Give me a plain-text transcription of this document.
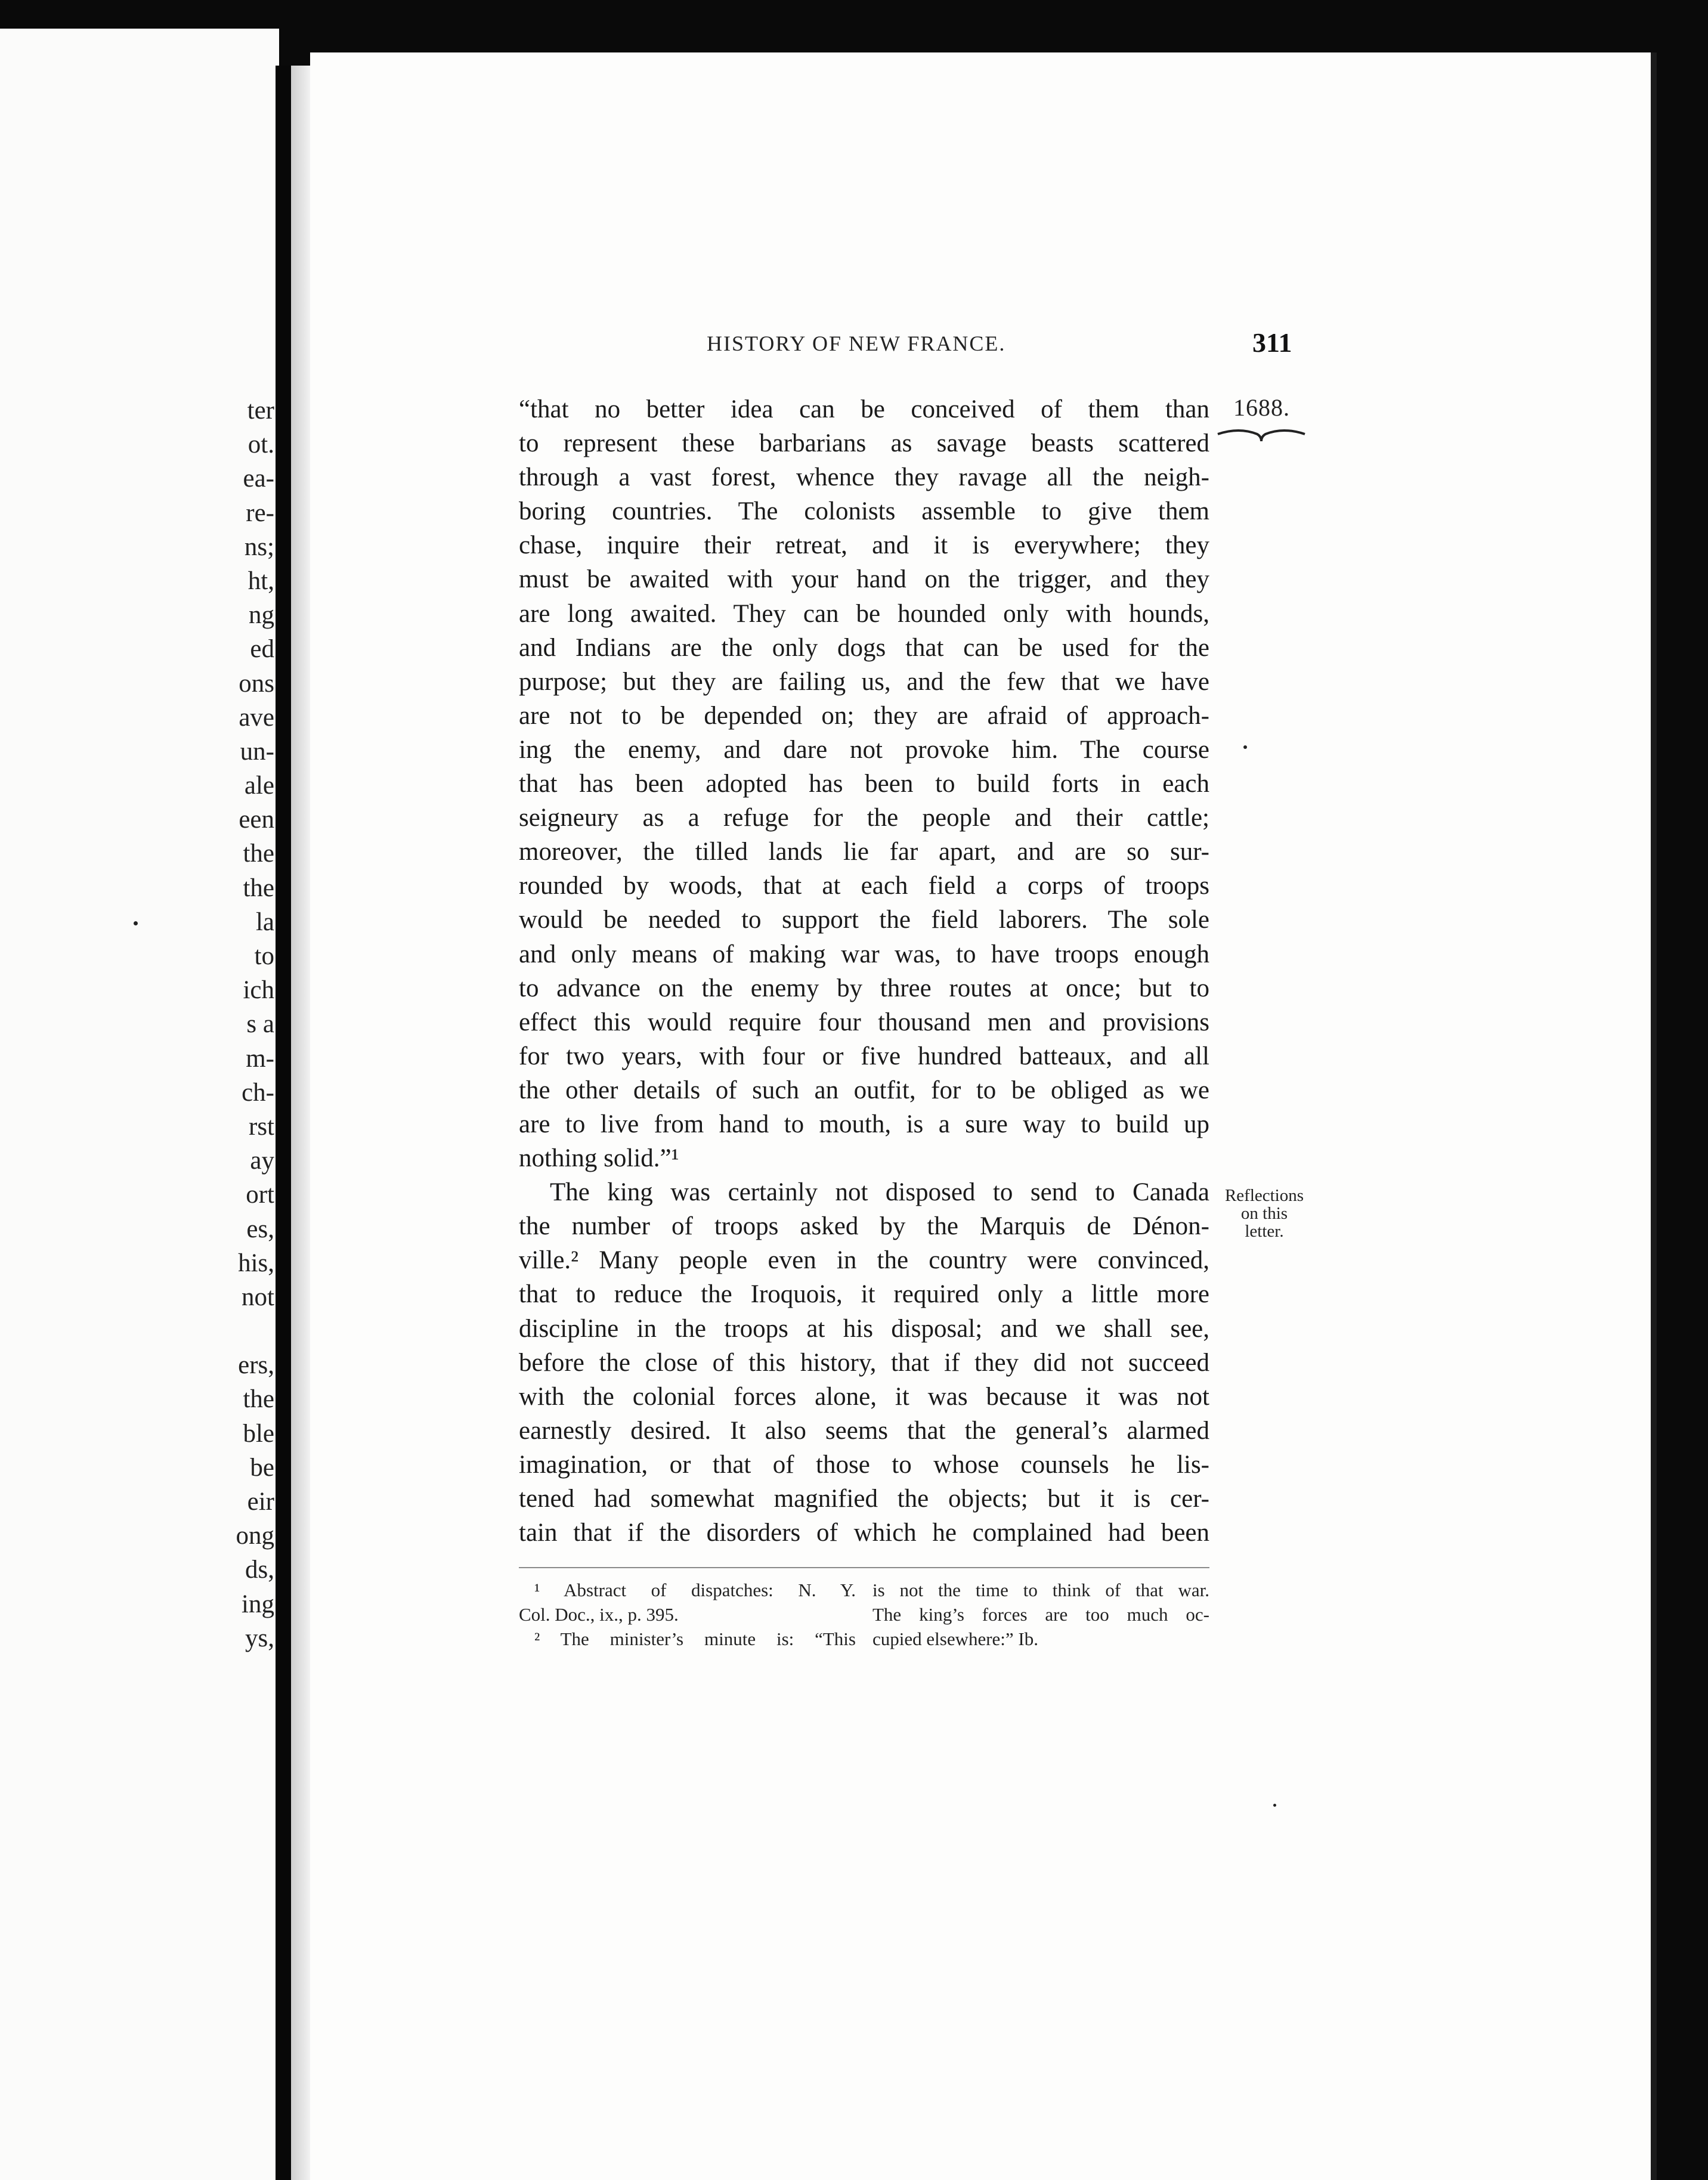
ter
ot.
ea-
re-
ns;
ht,
ng
ed
ons
ave
un-
ale
een
the
the
la
to
ich
s a
m-
ch-
rst
ay
ort
es,
his,
not
ers,
the
ble
be
eir
ong
ds,
ing
ys,
HISTORY OF NEW FRANCE.	311
1688.
“that no better idea can be conceived of them than
to represent these barbarians as savage beasts scattered
through a vast forest, whence they ravage all the neigh-
boring countries. The colonists assemble to give them
chase, inquire their retreat, and it is everywhere; they
must be awaited with your hand on the trigger, and they
are long awaited. They can be hounded only with hounds,
and Indians are the only dogs that can be used for the
purpose; but they are failing us, and the few that we have
are not to be depended on; they are afraid of approach-
ing the enemy, and dare not provoke him. The course
that has been adopted has been to build forts in each
seigneury as a refuge for the people and their cattle;
moreover, the tilled lands lie far apart, and are so sur-
rounded by woods, that at each field a corps of troops
would be needed to support the field laborers. The sole
and only means of making war was, to have troops enough
to advance on the enemy by three routes at once; but to
effect this would require four thousand men and provisions
for two years, with four or five hundred batteaux, and all
the other details of such an outfit, for to be obliged as we
are to live from hand to mouth, is a sure way to build up
nothing solid.”¹
The king was certainly not disposed to send to Canada
the number of troops asked by the Marquis de Dénon-
ville.² Many people even in the country were convinced,
that to reduce the Iroquois, it required only a little more
discipline in the troops at his disposal; and we shall see,
before the close of this history, that if they did not succeed
with the colonial forces alone, it was because it was not
earnestly desired. It also seems that the general’s alarmed
imagination, or that of those to whose counsels he lis-
tened had somewhat magnified the objects; but it is cer-
tain that if the disorders of which he complained had been
Reflections
on this
letter.
¹ Abstract of dispatches: N. Y.
Col. Doc., ix., p. 395.
² The minister’s minute is: “This
is not the time to think of that war.
The king’s forces are too much oc-
cupied elsewhere:” Ib.
